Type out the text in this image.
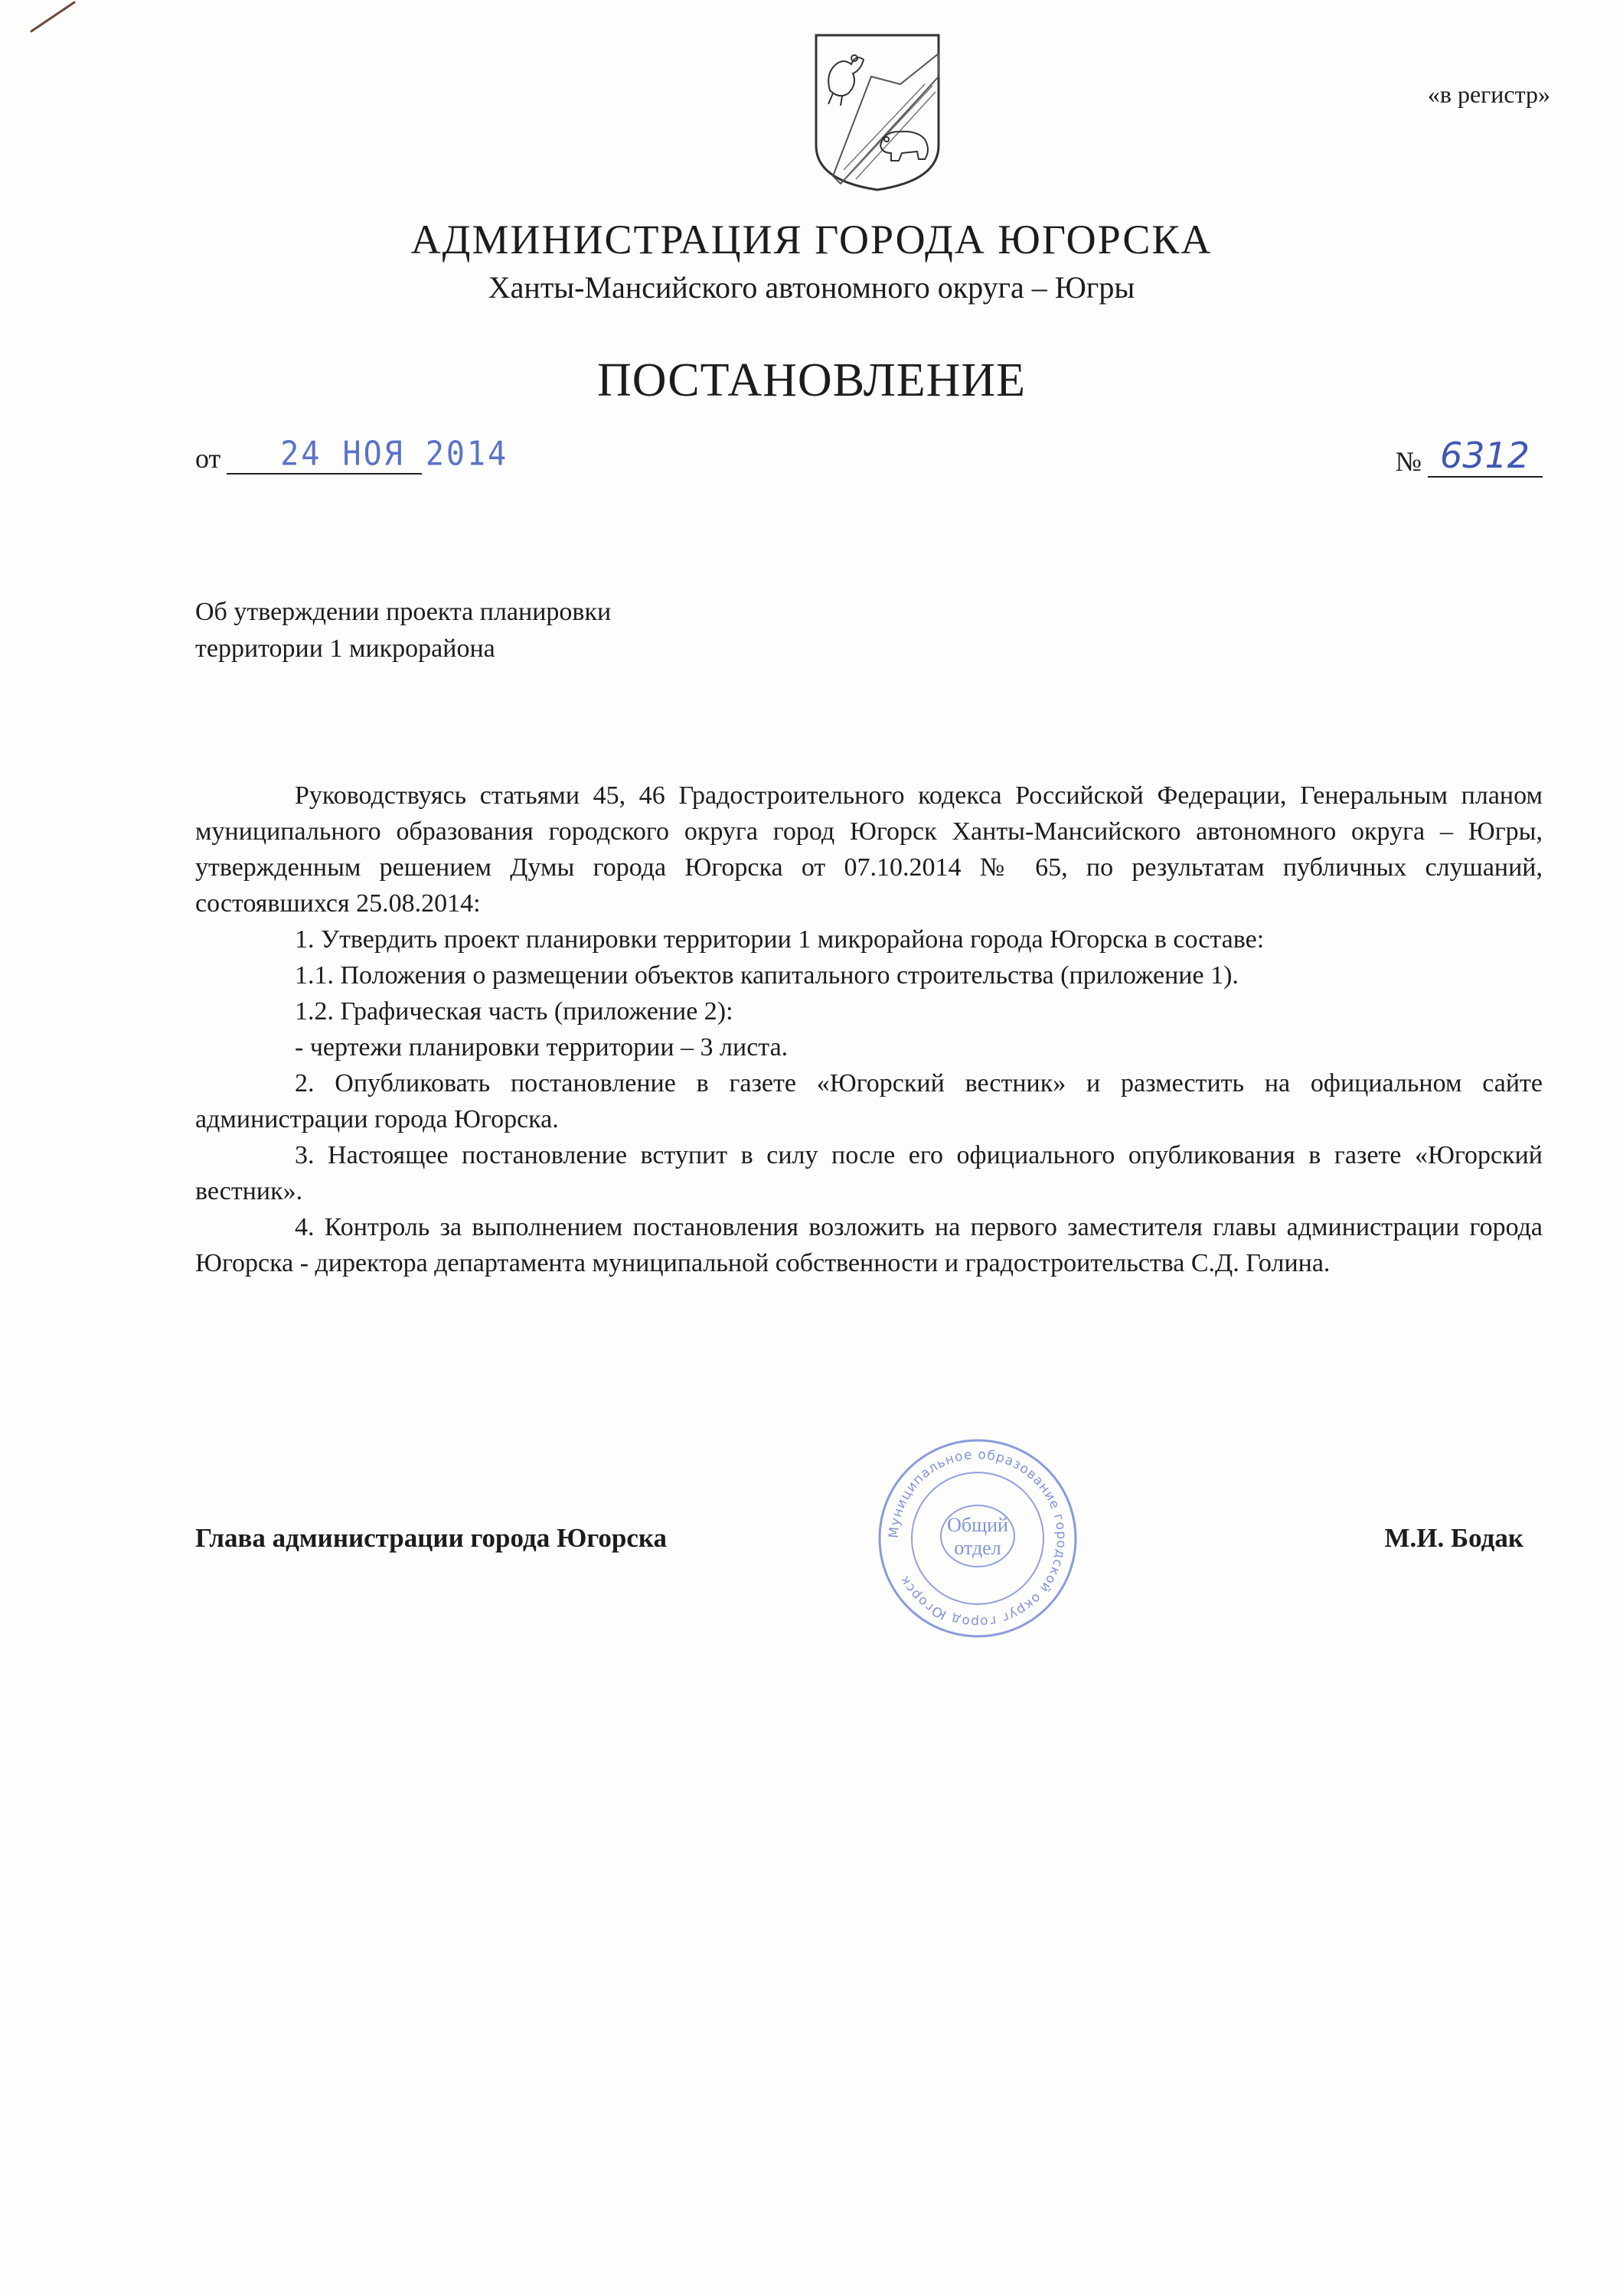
«в регистр»
АДМИНИСТРАЦИЯ ГОРОДА ЮГОРСКА
Ханты-Мансийского автономного округа – Югры
ПОСТАНОВЛЕНИЕ
от 24 НОЯ 2014	№ 6312
Об утверждении проекта планировки
территории 1 микрорайона

Руководствуясь статьями 45, 46 Градостроительного кодекса Российской Федерации, Генеральным планом муниципального образования городского округа город Югорск Ханты-Мансийского автономного округа – Югры, утвержденным решением Думы города Югорска от 07.10.2014 № 65, по результатам публичных слушаний, состоявшихся 25.08.2014:

1. Утвердить проект планировки территории 1 микрорайона города Югорска в составе:

1.1. Положения о размещении объектов капитального строительства (приложение 1).

1.2. Графическая часть (приложение 2):

- чертежи планировки территории – 3 листа.

2. Опубликовать постановление в газете «Югорский вестник» и разместить на официальном сайте администрации города Югорска.

3. Настоящее постановление вступит в силу после его официального опубликования в газете «Югорский вестник».

4. Контроль за выполнением постановления возложить на первого заместителя главы администрации города Югорска - директора департамента муниципальной собственности и градостроительства С.Д. Голина.

Муниципальное образование городской округ город Югорск
Общий
отдел
Глава администрации города Югорска	М.И. Бодак
